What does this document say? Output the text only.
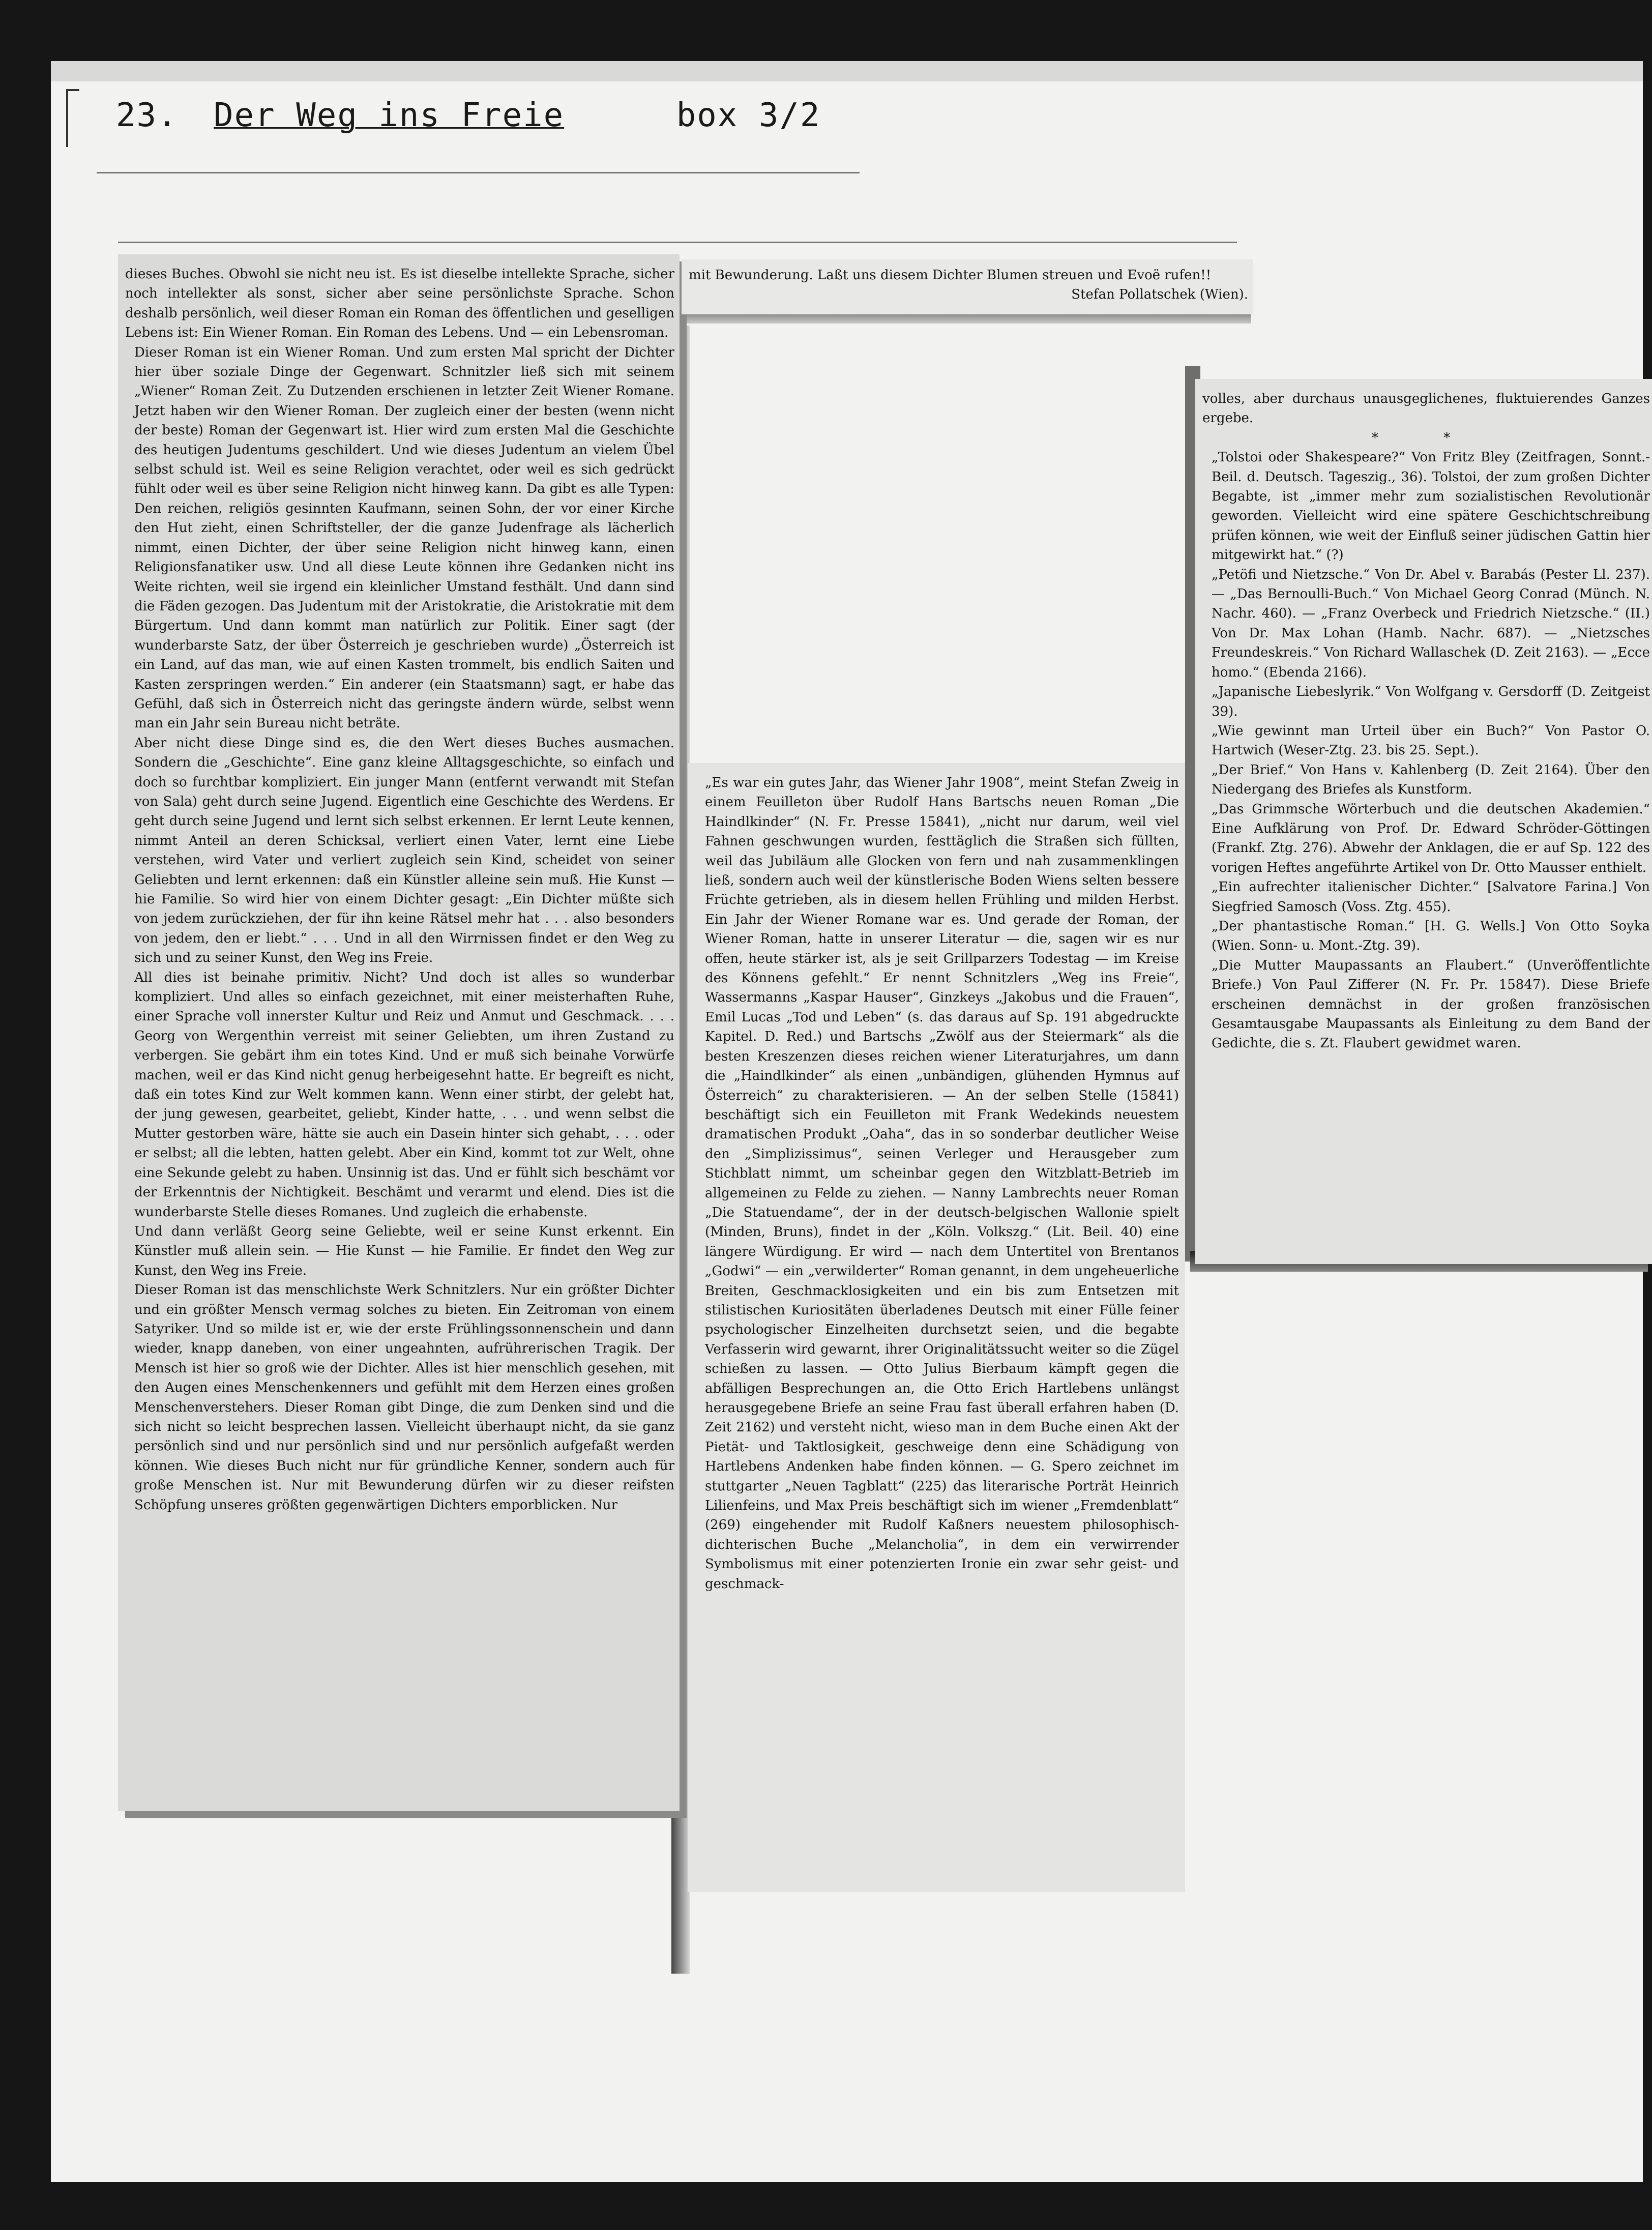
23. Der Weg ins Freie	box 3/2

dieses Buches. Obwohl sie nicht neu ist. Es ist dieselbe intellekte Sprache, sicher noch intellekter als sonst, sicher aber seine persönlichste Sprache. Schon deshalb persönlich, weil dieser Roman ein Roman des öffentlichen und geselligen Lebens ist: Ein Wiener Roman. Ein Roman des Lebens. Und — ein Lebensroman.

Dieser Roman ist ein Wiener Roman. Und zum ersten Mal spricht der Dichter hier über soziale Dinge der Gegenwart. Schnitzler ließ sich mit seinem „Wiener“ Roman Zeit. Zu Dutzenden erschienen in letzter Zeit Wiener Romane. Jetzt haben wir den Wiener Roman. Der zugleich einer der besten (wenn nicht der beste) Roman der Gegenwart ist. Hier wird zum ersten Mal die Geschichte des heutigen Judentums geschildert. Und wie dieses Judentum an vielem Übel selbst schuld ist. Weil es seine Religion verachtet, oder weil es sich gedrückt fühlt oder weil es über seine Religion nicht hinweg kann. Da gibt es alle Typen: Den reichen, religiös gesinnten Kaufmann, seinen Sohn, der vor einer Kirche den Hut zieht, einen Schriftsteller, der die ganze Judenfrage als lächerlich nimmt, einen Dichter, der über seine Religion nicht hinweg kann, einen Religionsfanatiker usw. Und all diese Leute können ihre Gedanken nicht ins Weite richten, weil sie irgend ein kleinlicher Umstand festhält. Und dann sind die Fäden gezogen. Das Judentum mit der Aristokratie, die Aristokratie mit dem Bürgertum. Und dann kommt man natürlich zur Politik. Einer sagt (der wunderbarste Satz, der über Österreich je geschrieben wurde) „Österreich ist ein Land, auf das man, wie auf einen Kasten trommelt, bis endlich Saiten und Kasten zerspringen werden.“ Ein anderer (ein Staatsmann) sagt, er habe das Gefühl, daß sich in Österreich nicht das geringste ändern würde, selbst wenn man ein Jahr sein Bureau nicht beträte.

Aber nicht diese Dinge sind es, die den Wert dieses Buches ausmachen. Sondern die „Geschichte“. Eine ganz kleine Alltagsgeschichte, so einfach und doch so furchtbar kompliziert. Ein junger Mann (entfernt verwandt mit Stefan von Sala) geht durch seine Jugend. Eigentlich eine Geschichte des Werdens. Er geht durch seine Jugend und lernt sich selbst erkennen. Er lernt Leute kennen, nimmt Anteil an deren Schicksal, verliert einen Vater, lernt eine Liebe verstehen, wird Vater und verliert zugleich sein Kind, scheidet von seiner Geliebten und lernt erkennen: daß ein Künstler alleine sein muß. Hie Kunst — hie Familie. So wird hier von einem Dichter gesagt: „Ein Dichter müßte sich von jedem zurückziehen, der für ihn keine Rätsel mehr hat . . . also besonders von jedem, den er liebt.“ . . . Und in all den Wirrnissen findet er den Weg zu sich und zu seiner Kunst, den Weg ins Freie.

All dies ist beinahe primitiv. Nicht? Und doch ist alles so wunderbar kompliziert. Und alles so einfach gezeichnet, mit einer meisterhaften Ruhe, einer Sprache voll innerster Kultur und Reiz und Anmut und Geschmack. . . . Georg von Wergenthin verreist mit seiner Geliebten, um ihren Zustand zu verbergen. Sie gebärt ihm ein totes Kind. Und er muß sich beinahe Vorwürfe machen, weil er das Kind nicht genug herbeigesehnt hatte. Er begreift es nicht, daß ein totes Kind zur Welt kommen kann. Wenn einer stirbt, der gelebt hat, der jung gewesen, gearbeitet, geliebt, Kinder hatte, . . . und wenn selbst die Mutter gestorben wäre, hätte sie auch ein Dasein hinter sich gehabt, . . . oder er selbst; all die lebten, hatten gelebt. Aber ein Kind, kommt tot zur Welt, ohne eine Sekunde gelebt zu haben. Unsinnig ist das. Und er fühlt sich beschämt vor der Erkenntnis der Nichtigkeit. Beschämt und verarmt und elend. Dies ist die wunderbarste Stelle dieses Romanes. Und zugleich die erhabenste.

Und dann verläßt Georg seine Geliebte, weil er seine Kunst erkennt. Ein Künstler muß allein sein. — Hie Kunst — hie Familie. Er findet den Weg zur Kunst, den Weg ins Freie.

Dieser Roman ist das menschlichste Werk Schnitzlers. Nur ein größter Dichter und ein größter Mensch vermag solches zu bieten. Ein Zeitroman von einem Satyriker. Und so milde ist er, wie der erste Frühlingssonnenschein und dann wieder, knapp daneben, von einer ungeahnten, aufrührerischen Tragik. Der Mensch ist hier so groß wie der Dichter. Alles ist hier menschlich gesehen, mit den Augen eines Menschenkenners und gefühlt mit dem Herzen eines großen Menschenverstehers. Dieser Roman gibt Dinge, die zum Denken sind und die sich nicht so leicht besprechen lassen. Vielleicht überhaupt nicht, da sie ganz persönlich sind und nur persönlich sind und nur persönlich aufgefaßt werden können. Wie dieses Buch nicht nur für gründliche Kenner, sondern auch für große Menschen ist. Nur mit Bewunderung dürfen wir zu dieser reifsten Schöpfung unseres größten gegenwärtigen Dichters emporblicken. Nur

mit Bewunderung. Laßt uns diesem Dichter Blumen streuen und Evoë rufen!!

Stefan Pollatschek (Wien).

„Es war ein gutes Jahr, das Wiener Jahr 1908“, meint Stefan Zweig in einem Feuilleton über Rudolf Hans Bartschs neuen Roman „Die Haindlkinder“ (N. Fr. Presse 15841), „nicht nur darum, weil viel Fahnen geschwungen wurden, festtäglich die Straßen sich füllten, weil das Jubiläum alle Glocken von fern und nah zusammenklingen ließ, sondern auch weil der künstlerische Boden Wiens selten bessere Früchte getrieben, als in diesem hellen Frühling und milden Herbst. Ein Jahr der Wiener Romane war es. Und gerade der Roman, der Wiener Roman, hatte in unserer Literatur — die, sagen wir es nur offen, heute stärker ist, als je seit Grillparzers Todestag — im Kreise des Könnens gefehlt.“ Er nennt Schnitzlers „Weg ins Freie“, Wassermanns „Kaspar Hauser“, Ginzkeys „Jakobus und die Frauen“, Emil Lucas „Tod und Leben“ (s. das daraus auf Sp. 191 abgedruckte Kapitel. D. Red.) und Bartschs „Zwölf aus der Steiermark“ als die besten Kreszenzen dieses reichen wiener Literaturjahres, um dann die „Haindlkinder“ als einen „unbändigen, glühenden Hymnus auf Österreich“ zu charakterisieren. — An der selben Stelle (15841) beschäftigt sich ein Feuilleton mit Frank Wedekinds neuestem dramatischen Produkt „Oaha“, das in so sonderbar deutlicher Weise den „Simplizissimus“, seinen Verleger und Herausgeber zum Stichblatt nimmt, um scheinbar gegen den Witzblatt-Betrieb im allgemeinen zu Felde zu ziehen. — Nanny Lambrechts neuer Roman „Die Statuendame“, der in der deutsch-belgischen Wallonie spielt (Minden, Bruns), findet in der „Köln. Volkszg.“ (Lit. Beil. 40) eine längere Würdigung. Er wird — nach dem Untertitel von Brentanos „Godwi“ — ein „verwilderter“ Roman genannt, in dem ungeheuerliche Breiten, Geschmacklosigkeiten und ein bis zum Entsetzen mit stilistischen Kuriositäten überladenes Deutsch mit einer Fülle feiner psychologischer Einzelheiten durchsetzt seien, und die begabte Verfasserin wird gewarnt, ihrer Originalitätssucht weiter so die Zügel schießen zu lassen. — Otto Julius Bierbaum kämpft gegen die abfälligen Besprechungen an, die Otto Erich Hartlebens unlängst herausgegebene Briefe an seine Frau fast überall erfahren haben (D. Zeit 2162) und versteht nicht, wieso man in dem Buche einen Akt der Pietät- und Taktlosigkeit, geschweige denn eine Schädigung von Hartlebens Andenken habe finden können. — G. Spero zeichnet im stuttgarter „Neuen Tagblatt“ (225) das literarische Porträt Heinrich Lilienfeins, und Max Preis beschäftigt sich im wiener „Fremdenblatt“ (269) eingehender mit Rudolf Kaßners neuestem philosophisch-dichterischen Buche „Melancholia“, in dem ein verwirrender Symbolismus mit einer potenzierten Ironie ein zwar sehr geist- und geschmack-

volles, aber durchaus unausgeglichenes, fluktuierendes Ganzes ergebe.

* *

„Tolstoi oder Shakespeare?“ Von Fritz Bley (Zeitfragen, Sonnt.-Beil. d. Deutsch. Tageszig., 36). Tolstoi, der zum großen Dichter Begabte, ist „immer mehr zum sozialistischen Revolutionär geworden. Vielleicht wird eine spätere Geschichtschreibung prüfen können, wie weit der Einfluß seiner jüdischen Gattin hier mitgewirkt hat.“ (?)

„Petöfi und Nietzsche.“ Von Dr. Abel v. Barabás (Pester Ll. 237). — „Das Bernoulli-Buch.“ Von Michael Georg Conrad (Münch. N. Nachr. 460). — „Franz Overbeck und Friedrich Nietzsche.“ (II.) Von Dr. Max Lohan (Hamb. Nachr. 687). — „Nietzsches Freundeskreis.“ Von Richard Wallaschek (D. Zeit 2163). — „Ecce homo.“ (Ebenda 2166).

„Japanische Liebeslyrik.“ Von Wolfgang v. Gersdorff (D. Zeitgeist 39).

„Wie gewinnt man Urteil über ein Buch?“ Von Pastor O. Hartwich (Weser-Ztg. 23. bis 25. Sept.).

„Der Brief.“ Von Hans v. Kahlenberg (D. Zeit 2164). Über den Niedergang des Briefes als Kunstform.

„Das Grimmsche Wörterbuch und die deutschen Akademien.“ Eine Aufklärung von Prof. Dr. Edward Schröder-Göttingen (Frankf. Ztg. 276). Abwehr der Anklagen, die er auf Sp. 122 des vorigen Heftes angeführte Artikel von Dr. Otto Mausser enthielt.

„Ein aufrechter italienischer Dichter.“ [Salvatore Farina.] Von Siegfried Samosch (Voss. Ztg. 455).

„Der phantastische Roman.“ [H. G. Wells.] Von Otto Soyka (Wien. Sonn- u. Mont.-Ztg. 39).

„Die Mutter Maupassants an Flaubert.“ (Unveröffentlichte Briefe.) Von Paul Zifferer (N. Fr. Pr. 15847). Diese Briefe erscheinen demnächst in der großen französischen Gesamtausgabe Maupassants als Einleitung zu dem Band der Gedichte, die s. Zt. Flaubert gewidmet waren.
